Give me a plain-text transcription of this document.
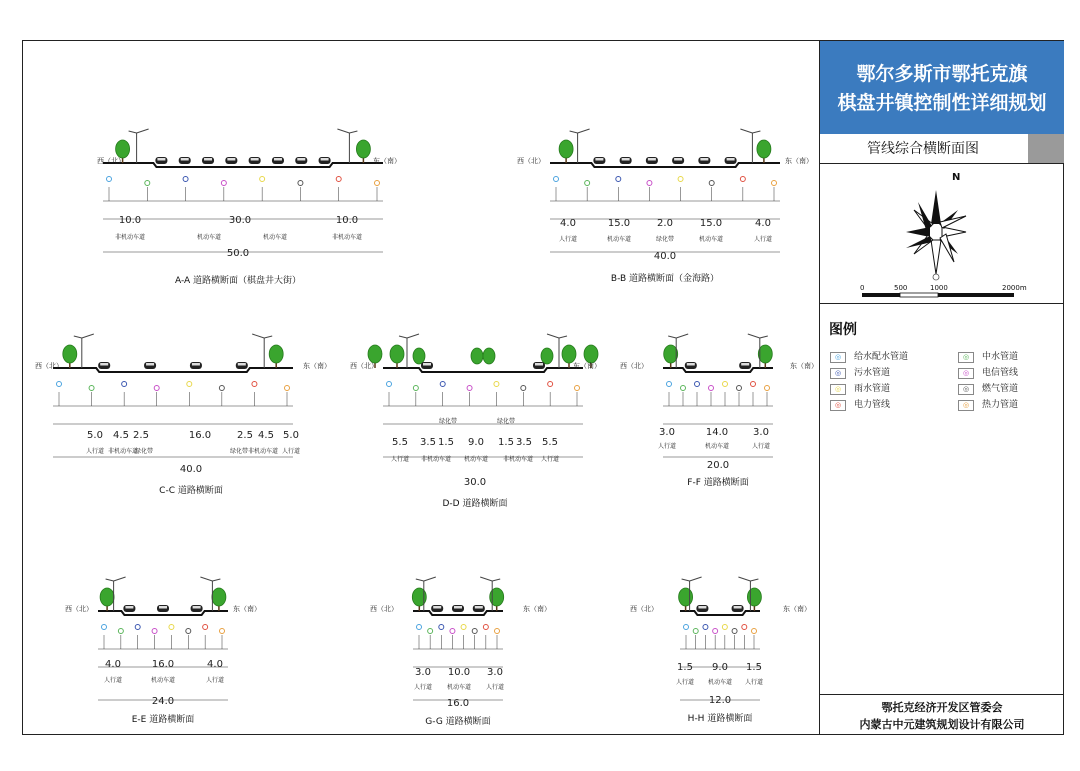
西（北）	东（南）
10.0	30.0	10.0
非机动车道	机动车道	机动车道	非机动车道
50.0
A-A 道路横断面（棋盘井大街）
西（北）	东（南）
4.0	15.0	2.0	15.0	4.0
人行道	机动车道	绿化带	机动车道	人行道
40.0
B-B 道路横断面（金海路）
西（北）	东（南）
5.0 4.5 2.5	16.0	2.5 4.5 5.0
人行道 非机动车道
绿化带	绿化带 非机动车道 人行道
40.0
C-C 道路横断面
西（北）	东（南）
绿化带	绿化带
5.5 3.5 1.5 9.0 1.5 3.5 5.5
人行道 非机动车道 机动车道 非机动车道 人行道
30.0
D-D 道路横断面
西（北）	东（南）
3.0	14.0 3.0
人行道	机动车道	人行道
20.0
F-F 道路横断面
西（北）	东（南）
4.0	16.0	4.0
人行道	机动车道	人行道
24.0
E-E 道路横断面
西（北）	东（南）
3.0 10.0 3.0
人行道 机动车道 人行道
16.0
G-G 道路横断面
西（北）	东（南）
1.5 9.0 1.5
人行道 机动车道 人行道
12.0
H-H 道路横断面
鄂尔多斯市鄂托克旗
棋盘井镇控制性详细规划
管线综合横断面图
N
0	500	1000	2000m
图例
◎	给水配水管道	◎	中水管道
◎	污水管道	◎	电信管线
◎	雨水管道	◎	燃气管道
◎	电力管线	◎	热力管道
鄂托克经济开发区管委会
内蒙古中元建筑规划设计有限公司
